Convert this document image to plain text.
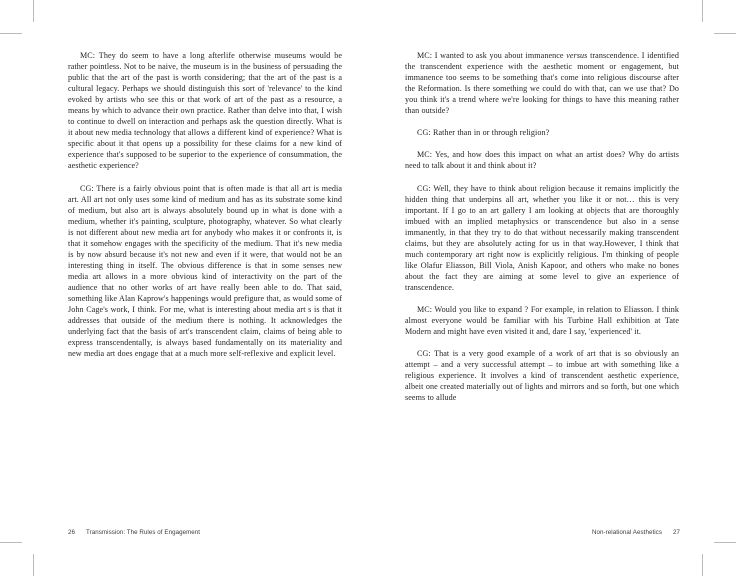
MC: They do seem to have a long afterlife otherwise museums would be rather pointless. Not to be naive, the museum is in the business of persuading the public that the art of the past is worth considering; that the art of the past is a cultural legacy. Perhaps we should distinguish this sort of 'relevance' to the kind evoked by artists who see this or that work of art of the past as a resource, a means by which to advance their own practice. Rather than delve into that, I wish to continue to dwell on interaction and perhaps ask the question directly. What is it about new media technology that allows a different kind of experience? What is specific about it that opens up a possibility for these claims for a new kind of experience that's supposed to be superior to the experience of consummation, the aesthetic experience?

CG: There is a fairly obvious point that is often made is that all art is media art. All art not only uses some kind of medium and has as its substrate some kind of medium, but also art is always absolutely bound up in what is done with a medium, whether it's painting, sculpture, photography, whatever. So what clearly is not different about new media art for anybody who makes it or confronts it, is that it somehow engages with the specificity of the medium. That it's new media is by now absurd because it's not new and even if it were, that would not be an interesting thing in itself. The obvious difference is that in some senses new media art allows in a more obvious kind of interactivity on the part of the audience that no other works of art have really been able to do. That said, something like Alan Kaprow's happenings would prefigure that, as would some of John Cage's work, I think. For me, what is interesting about media art s is that it addresses that outside of the medium there is nothing. It acknowledges the underlying fact that the basis of art's transcendent claim, claims of being able to express transcendentally, is always based fundamentally on its materiality and new media art does engage that at a much more self-reflexive and explicit level.

MC: I wanted to ask you about immanence versus transcendence. I identified the transcendent experience with the aesthetic moment or engagement, but immanence too seems to be something that's come into religious discourse after the Reformation. Is there something we could do with that, can we use that? Do you think it's a trend where we're looking for things to have this meaning rather than outside?

CG: Rather than in or through religion?

MC: Yes, and how does this impact on what an artist does? Why do artists need to talk about it and think about it?

CG: Well, they have to think about religion because it remains implicitly the hidden thing that underpins all art, whether you like it or not… this is very important. If I go to an art gallery I am looking at objects that are thoroughly imbued with an implied metaphysics or transcendence but also in a sense immanently, in that they try to do that without necessarily making transcendent claims, but they are absolutely acting for us in that way.However, I think that much contemporary art right now is explicitly religious. I'm thinking of people like Olafur Eliasson, Bill Viola, Anish Kapoor, and others who make no bones about the fact they are aiming at some level to give an experience of transcendence.

MC: Would you like to expand ? For example, in relation to Eliasson. I think almost everyone would be familiar with his Turbine Hall exhibition at Tate Modern and might have even visited it and, dare I say, 'experienced' it.

CG: That is a very good example of a work of art that is so obviously an attempt – and a very successful attempt – to imbue art with something like a religious experience. It involves a kind of transcendent aesthetic experience, albeit one created materially out of lights and mirrors and so forth, but one which seems to allude

26 Transmission: The Rules of Engagement	Non-relational Aesthetics 27
